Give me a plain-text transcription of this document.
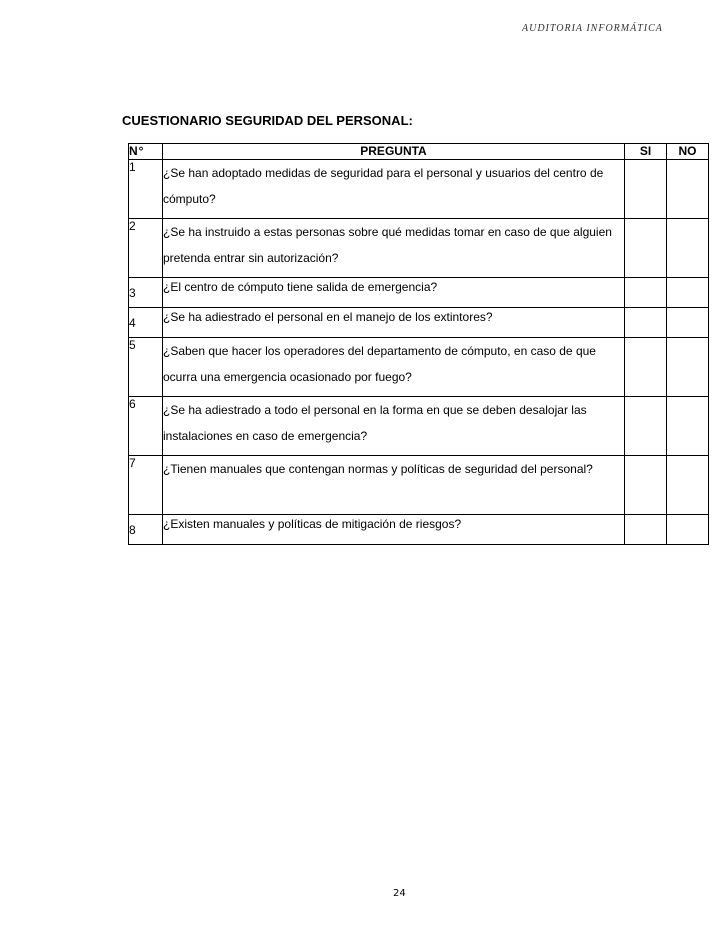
AUDITORIA INFORMÁTICA
CUESTIONARIO SEGURIDAD DEL PERSONAL:
N°	PREGUNTA	SI	NO
1	¿Se han adoptado medidas de seguridad para el personal y usuarios del centro de cómputo?		
2	¿Se ha instruido a estas personas sobre qué medidas tomar en caso de que alguien pretenda entrar sin autorización?		
3	¿El centro de cómputo tiene salida de emergencia?		
4	¿Se ha adiestrado el personal en el manejo de los extintores?		
5	¿Saben que hacer los operadores del departamento de cómputo, en caso de que ocurra una emergencia ocasionado por fuego?		
6	¿Se ha adiestrado a todo el personal en la forma en que se deben desalojar las instalaciones en caso de emergencia?		
7	¿Tienen manuales que contengan normas y políticas de seguridad del personal?		
8	¿Existen manuales y políticas de mitigación de riesgos?		
24
